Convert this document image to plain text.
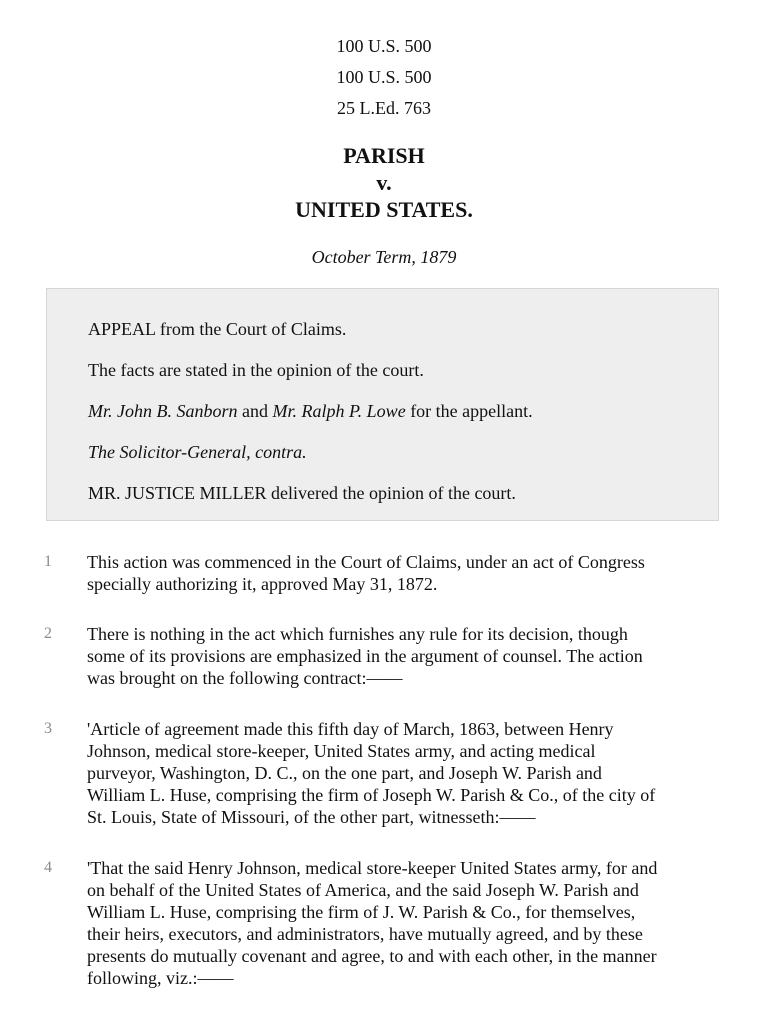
100 U.S. 500
100 U.S. 500
25 L.Ed. 763
PARISH
v.
UNITED STATES.
October Term, 1879
APPEAL from the Court of Claims.
The facts are stated in the opinion of the court.
Mr. John B. Sanborn and Mr. Ralph P. Lowe for the appellant.
The Solicitor-General, contra.
MR. JUSTICE MILLER delivered the opinion of the court.
1 This action was commenced in the Court of Claims, under an act of Congress
specially authorizing it, approved May 31, 1872.
2 There is nothing in the act which furnishes any rule for its decision, though
some of its provisions are emphasized in the argument of counsel. The action
was brought on the following contract:——
3 'Article of agreement made this fifth day of March, 1863, between Henry
Johnson, medical store-keeper, United States army, and acting medical
purveyor, Washington, D. C., on the one part, and Joseph W. Parish and
William L. Huse, comprising the firm of Joseph W. Parish & Co., of the city of
St. Louis, State of Missouri, of the other part, witnesseth:——
4 'That the said Henry Johnson, medical store-keeper United States army, for and
on behalf of the United States of America, and the said Joseph W. Parish and
William L. Huse, comprising the firm of J. W. Parish & Co., for themselves,
their heirs, executors, and administrators, have mutually agreed, and by these
presents do mutually covenant and agree, to and with each other, in the manner
following, viz.:——
